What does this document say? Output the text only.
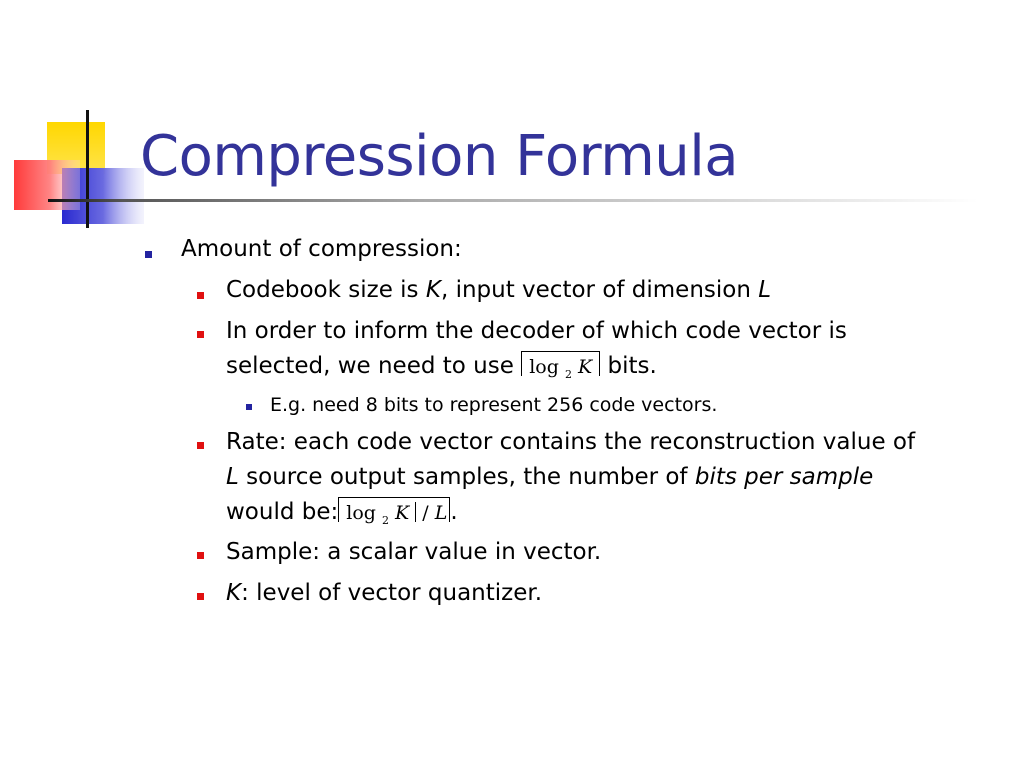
Compression Formula
Amount of compression:
Codebook size is K, input vector of dimension L
In order to inform the decoder of which code vector is
selected, we need to use log $_2$ K bits.
E.g. need 8 bits to represent 256 code vectors.
Rate: each code vector contains the reconstruction value of
L source output samples, the number of bits per sample
would be: log $_2$ K / L .
Sample: a scalar value in vector.
K: level of vector quantizer.
